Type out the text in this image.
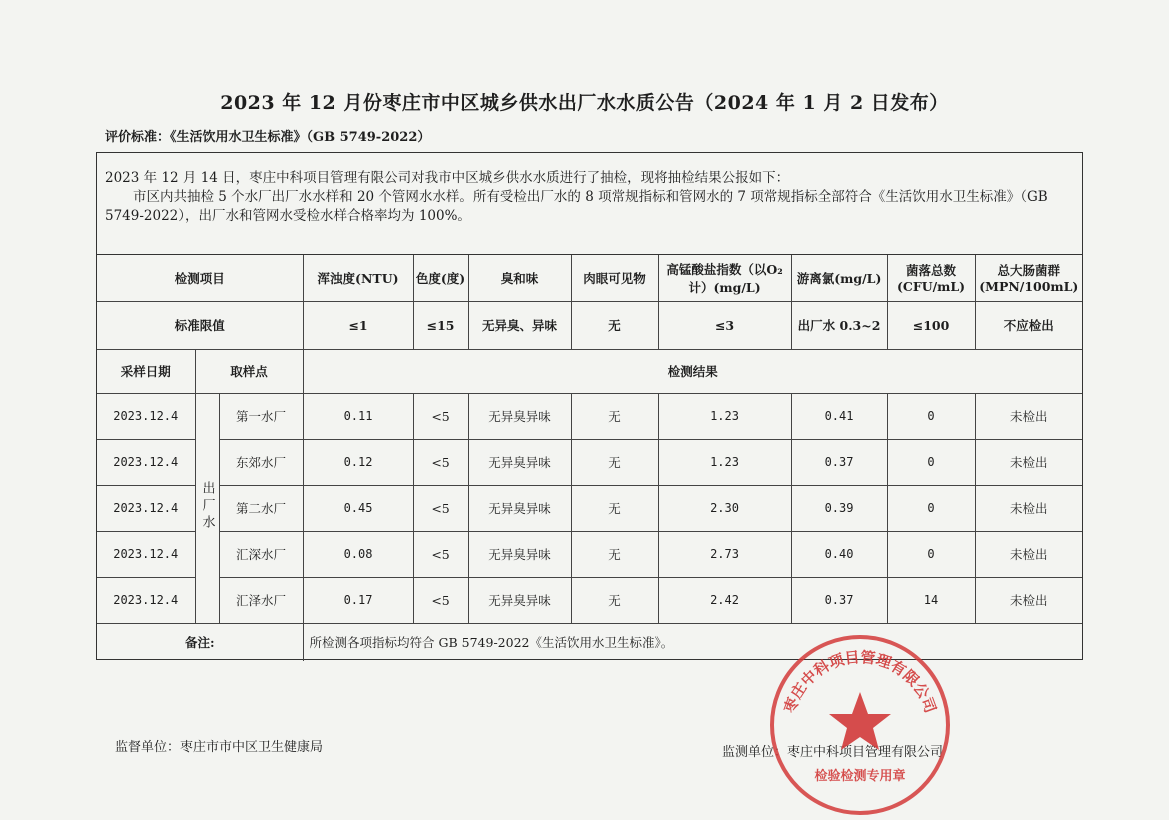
2023 年 12 月份枣庄市中区城乡供水出厂水水质公告（2024 年 1 月 2 日发布）
评价标准：《生活饮用水卫生标准》（GB 5749-2022）

2023 年 12 月 14 日，枣庄中科项目管理有限公司对我市中区城乡供水水质进行了抽检，现将抽检结果公报如下：

市区内共抽检 5 个水厂出厂水水样和 20 个管网水水样。所有受检出厂水的 8 项常规指标和管网水的 7 项常规指标全部符合《生活饮用水卫生标准》（GB 5749-2022），出厂水和管网水受检水样合格率均为 100%。

检测项目			浑浊度(NTU)	色度(度)	臭和味	肉眼可见物	高锰酸盐指数（以O₂计）(mg/L)	游离氯(mg/L)	菌落总数(CFU/mL)	总大肠菌群(MPN/100mL)
标准限值			≤1	≤15	无异臭、异味	无	≤3	出厂水 0.3~2	≤100	不应检出
采样日期	取样点		检测结果							
2023.12.4	出厂水	第一水厂	0.11	<5	无异臭异味	无	1.23	0.41	0	未检出
2023.12.4		东郊水厂	0.12	<5	无异臭异味	无	1.23	0.37	0	未检出
2023.12.4		第二水厂	0.45	<5	无异臭异味	无	2.30	0.39	0	未检出
2023.12.4		汇深水厂	0.08	<5	无异臭异味	无	2.73	0.40	0	未检出
2023.12.4		汇泽水厂	0.17	<5	无异臭异味	无	2.42	0.37	14	未检出
备注:			所检测各项指标均符合 GB 5749-2022《生活饮用水卫生标准》。							
监督单位：枣庄市市中区卫生健康局	监测单位：枣庄中科项目管理有限公司
枣庄中科项目管理有限公司
检验检测专用章
